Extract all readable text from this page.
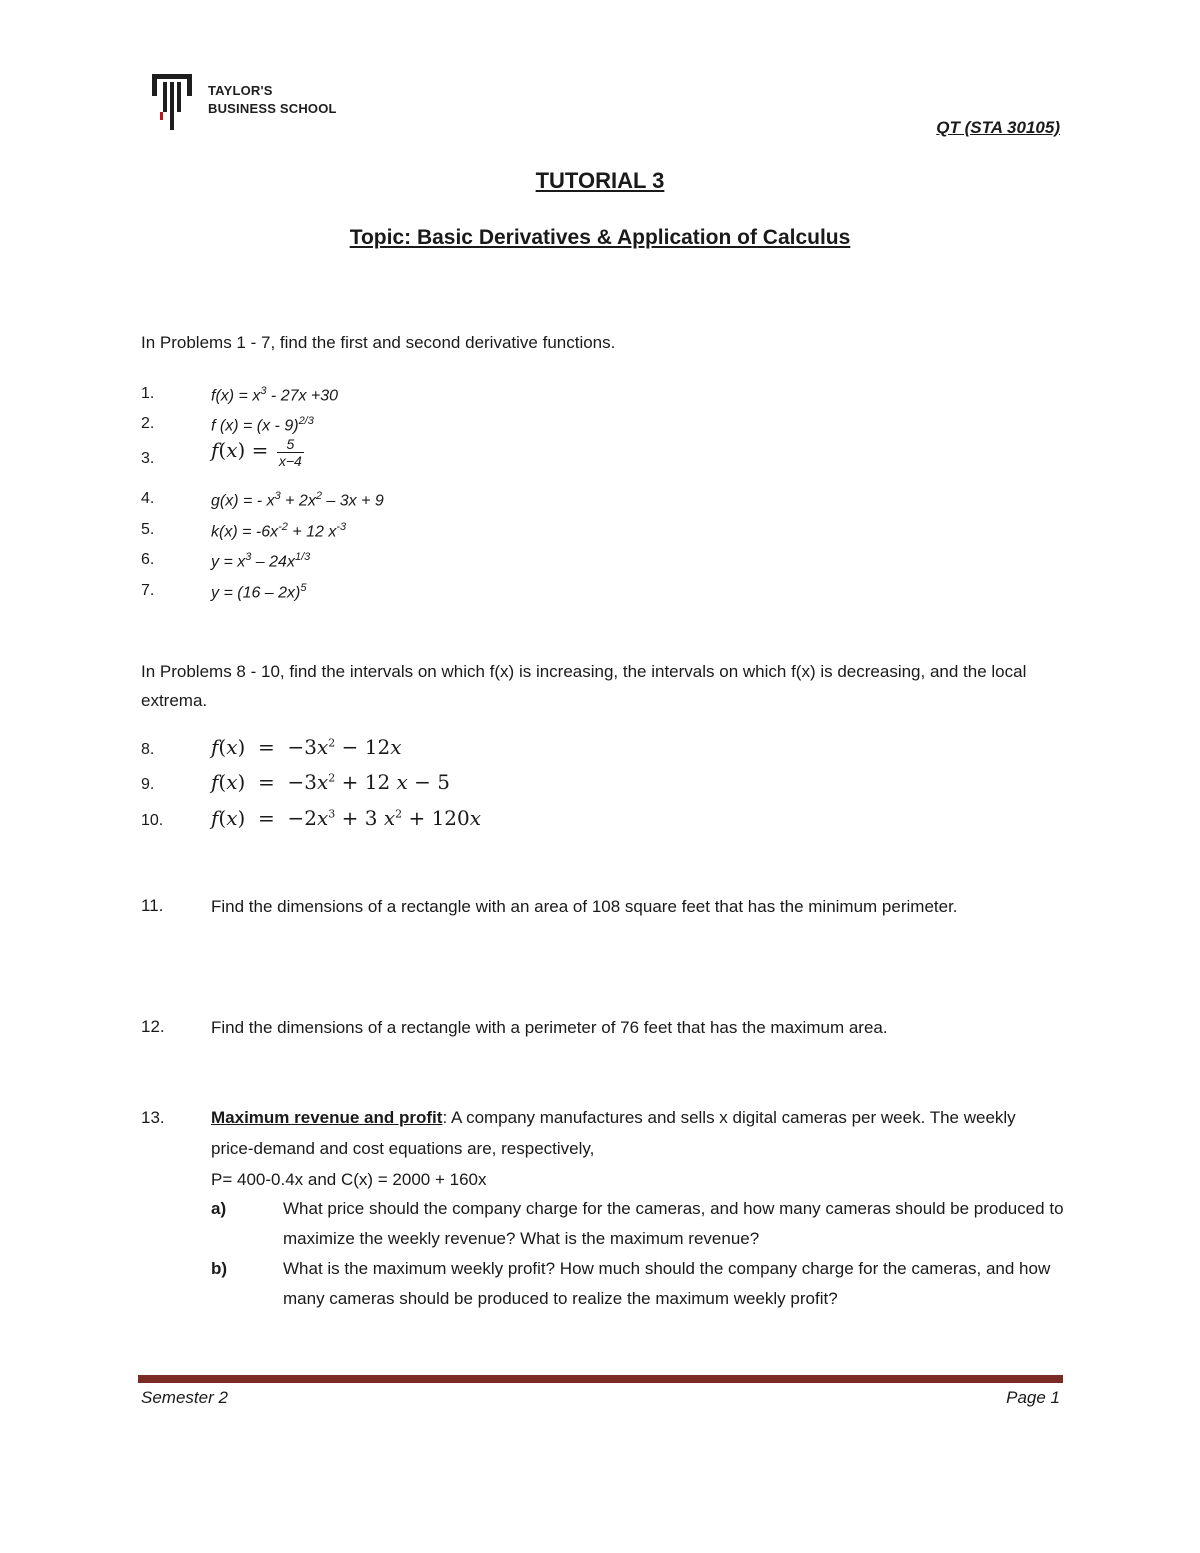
TAYLOR'S
BUSINESS SCHOOL
QT (STA 30105)
TUTORIAL 3
Topic: Basic Derivatives & Application of Calculus
In Problems 1 - 7, find the first and second derivative functions.
1.	$f(x) = x^3 - 27x +30$
2.	f (x) = (x - 9)$^{2/3}$
3.	$f(x) = \frac{5}{x-4}$
4.	g(x) = - $x^3 + 2x^2 - 3x + 9$
5.	$k(x) = -6x^{-2} + 12$ $x^{-3}$
6.	$y = x^3 - 24x^{1/3}$
7.	y = (16 – 2x)$^5$
In Problems 8 - 10, find the intervals on which f(x) is increasing, the intervals on which f(x) is decreasing, and the local extrema.
8.	$f(x) = -3x^2 - 12x$
9.	$f(x) = -3x^2 + 12$ x − 5
10. $f(x) = -2x^3 + 3$ $x^2 + 120x$
11.	Find the dimensions of a rectangle with an area of 108 square feet that has the minimum perimeter.
12.	Find the dimensions of a rectangle with a perimeter of 76 feet that has the maximum area.
13.	Maximum revenue and profit: A company manufactures and sells x digital cameras per week. The weekly price-demand and cost equations are, respectively,
P= 400-0.4x and C(x) = 2000 + 160x
a)	What price should the company charge for the cameras, and how many cameras should be produced to maximize the weekly revenue? What is the maximum revenue?
b)	What is the maximum weekly profit? How much should the company charge for the cameras, and how many cameras should be produced to realize the maximum weekly profit?
Semester 2	Page 1
